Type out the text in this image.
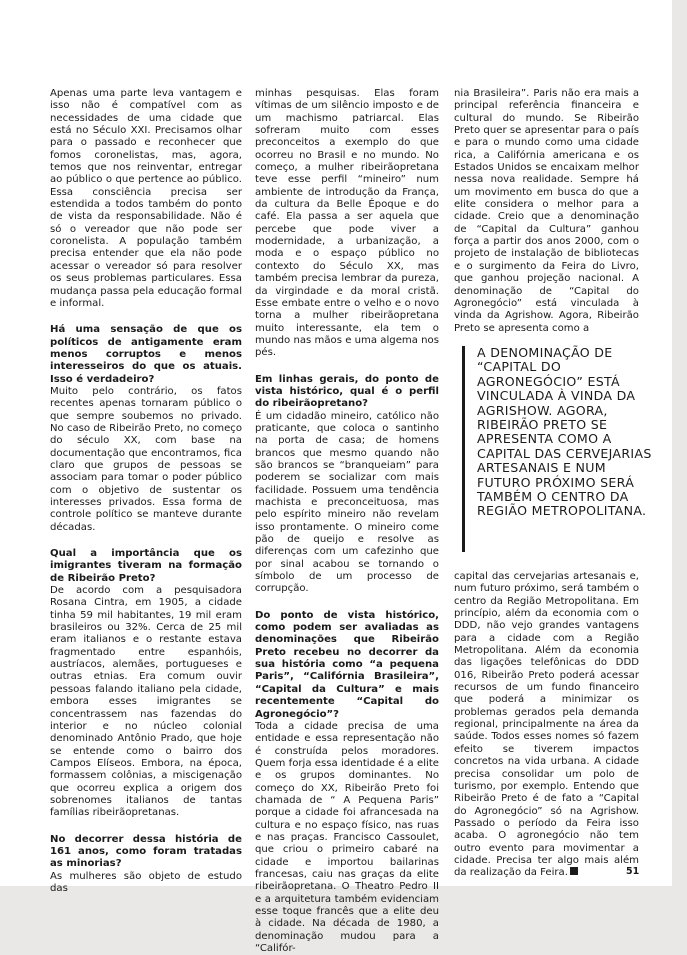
Apenas uma parte leva vantagem e isso não é compatível com as necessidades de uma cidade que está no Século XXI. Precisamos olhar para o passado e reconhecer que fomos coronelistas, mas, agora, temos que nos reinventar, entregar ao público o que pertence ao público. Essa consciência precisa ser estendida a todos também do ponto de vista da responsabilidade. Não é só o vereador que não pode ser coronelista. A população também precisa entender que ela não pode acessar o vereador só para resolver os seus problemas particulares. Essa mudança passa pela educação formal e informal.

Há uma sensação de que os políticos de antigamente eram menos corruptos e menos interesseiros do que os atuais. Isso é verdadeiro?

Muito pelo contrário, os fatos recentes apenas tornaram público o que sempre soubemos no privado. No caso de Ribeirão Preto, no começo do século XX, com base na documentação que encontramos, fica claro que grupos de pessoas se associam para tomar o poder público com o objetivo de sustentar os interesses privados. Essa forma de controle político se manteve durante décadas.

Qual a importância que os imigrantes tiveram na formação de Ribeirão Preto?

De acordo com a pesquisadora Rosana Cintra, em 1905, a cidade tinha 59 mil habitantes, 19 mil eram brasileiros ou 32%. Cerca de 25 mil eram italianos e o restante estava fragmentado entre espanhóis, austríacos, alemães, portugueses e outras etnias. Era comum ouvir pessoas falando italiano pela cidade, embora esses imigrantes se concentrassem nas fazendas do interior e no núcleo colonial denominado Antônio Prado, que hoje se entende como o bairro dos Campos Elíseos. Embora, na época, formassem colônias, a miscigenação que ocorreu explica a origem dos sobrenomes italianos de tantas famílias ribeirãopretanas.

No decorrer dessa história de 161 anos, como foram tratadas as minorias?

As mulheres são objeto de estudo das

minhas pesquisas. Elas foram vítimas de um silêncio imposto e de um machismo patriarcal. Elas sofreram muito com esses preconceitos a exemplo do que ocorreu no Brasil e no mundo. No começo, a mulher ribeirãopretana teve esse perfil “mineiro” num ambiente de introdução da França, da cultura da Belle Époque e do café. Ela passa a ser aquela que percebe que pode viver a modernidade, a urbanização, a moda e o espaço público no contexto do Século XX, mas também precisa lembrar da pureza, da virgindade e da moral cristã. Esse embate entre o velho e o novo torna a mulher ribeirãopretana muito interessante, ela tem o mundo nas mãos e uma algema nos pés.

Em linhas gerais, do ponto de vista histórico, qual é o perfil do ribeirãopretano?

É um cidadão mineiro, católico não praticante, que coloca o santinho na porta de casa; de homens brancos que mesmo quando não são brancos se “branqueiam” para poderem se socializar com mais facilidade. Possuem uma tendência machista e preconceituosa, mas pelo espírito mineiro não revelam isso prontamente. O mineiro come pão de queijo e resolve as diferenças com um cafezinho que por sinal acabou se tornando o símbolo de um processo de corrupção.

Do ponto de vista histórico, como podem ser avaliadas as denominações que Ribeirão Preto recebeu no decorrer da sua história como “a pequena Paris”, “Califórnia Brasileira”, “Capital da Cultura” e mais recentemente “Capital do Agronegócio”?

Toda a cidade precisa de uma entidade e essa representação não é construída pelos moradores. Quem forja essa identidade é a elite e os grupos dominantes. No começo do XX, Ribeirão Preto foi chamada de “ A Pequena Paris” porque a cidade foi afrancesada na cultura e no espaço físico, nas ruas e nas praças. Francisco Cassoulet, que criou o primeiro cabaré na cidade e importou bailarinas francesas, caiu nas graças da elite ribeirãopretana. O Theatro Pedro II e a arquitetura também evidenciam esse toque francês que a elite deu à cidade. Na década de 1980, a denominação mudou para a “Califór-

nia Brasileira”. Paris não era mais a principal referência financeira e cultural do mundo. Se Ribeirão Preto quer se apresentar para o país e para o mundo como uma cidade rica, a Califórnia americana e os Estados Unidos se encaixam melhor nessa nova realidade. Sempre há um movimento em busca do que a elite considera o melhor para a cidade. Creio que a denominação de “Capital da Cultura” ganhou força a partir dos anos 2000, com o projeto de instalação de bibliotecas e o surgimento da Feira do Livro, que ganhou projeção nacional. A denominação de “Capital do Agronegócio” está vinculada à vinda da Agrishow. Agora, Ribeirão Preto se apresenta como a

A DENOMINAÇÃO DE “CAPITAL DO AGRONEGÓCIO” ESTÁ VINCULADA À VINDA DA AGRISHOW. AGORA, RIBEIRÃO PRETO SE APRESENTA COMO A CAPITAL DAS CERVEJARIAS ARTESANAIS E NUM FUTURO PRÓXIMO SERÁ TAMBÉM O CENTRO DA REGIÃO METROPOLITANA.

capital das cervejarias artesanais e, num futuro próximo, será também o centro da Região Metropolitana. Em princípio, além da economia com o DDD, não vejo grandes vantagens para a cidade com a Região Metropolitana. Além da economia das ligações telefônicas do DDD 016, Ribeirão Preto poderá acessar recursos de um fundo financeiro que poderá a minimizar os problemas gerados pela demanda regional, principalmente na área da saúde. Todos esses nomes só fazem efeito se tiverem impactos concretos na vida urbana. A cidade precisa consolidar um polo de turismo, por exemplo. Entendo que Ribeirão Preto é de fato a “Capital do Agronegócio” só na Agrishow. Passado o período da Feira isso acaba. O agronegócio não tem outro evento para movimentar a cidade. Precisa ter algo mais além da realização da Feira.	51
